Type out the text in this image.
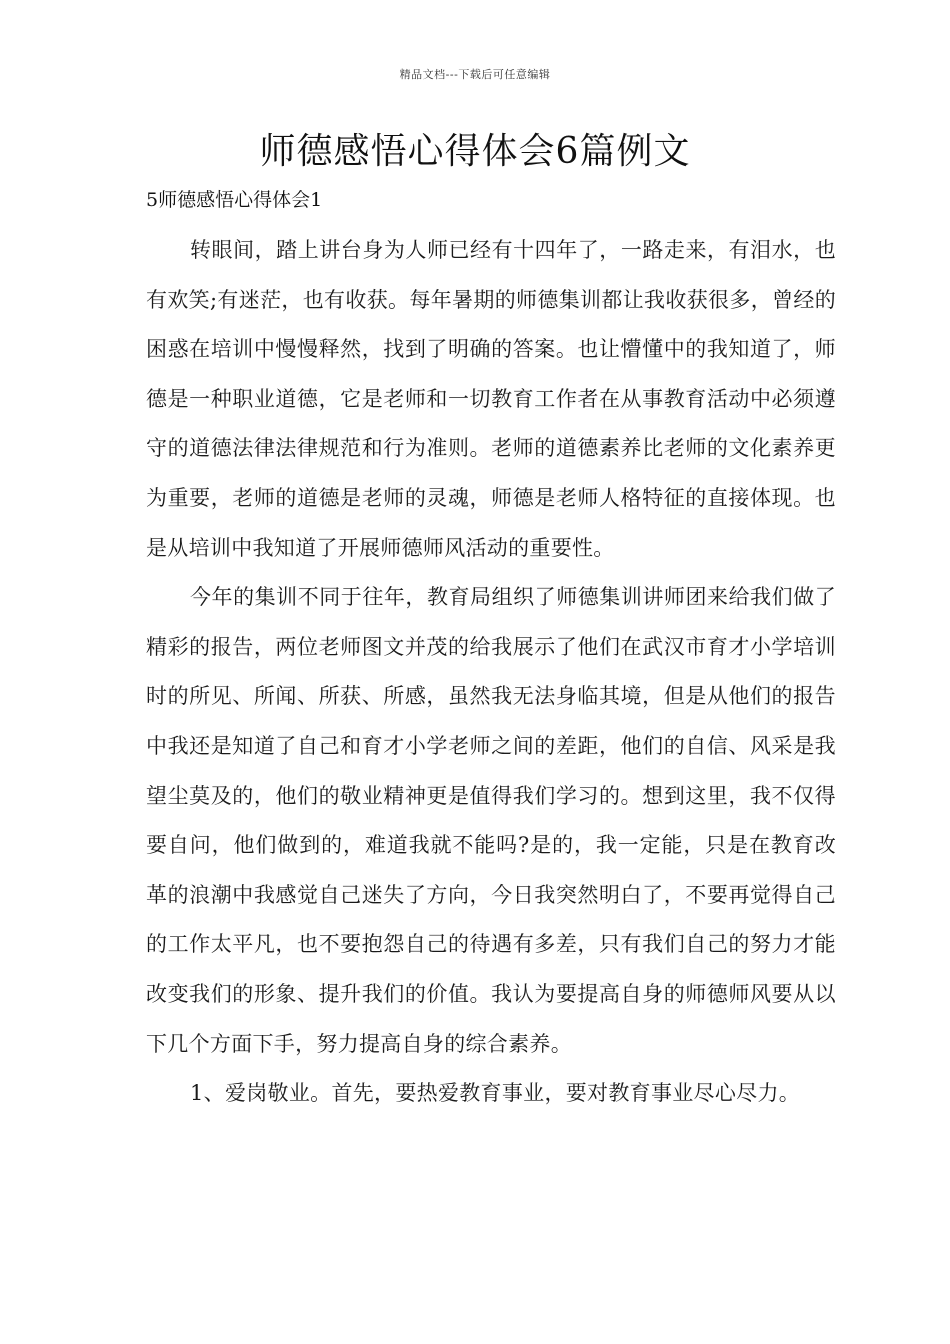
精品文档---下载后可任意编辑
师德感悟心得体会6篇例文
5师德感悟心得体会1

转眼间，踏上讲台身为人师已经有十四年了，一路走来，有泪水，也有欢笑;有迷茫，也有收获。每年暑期的师德集训都让我收获很多，曾经的困惑在培训中慢慢释然，找到了明确的答案。也让懵懂中的我知道了，师德是一种职业道德，它是老师和一切教育工作者在从事教育活动中必须遵守的道德法律法律规范和行为准则。老师的道德素养比老师的文化素养更为重要，老师的道德是老师的灵魂，师德是老师人格特征的直接体现。也是从培训中我知道了开展师德师风活动的重要性。

今年的集训不同于往年，教育局组织了师德集训讲师团来给我们做了精彩的报告，两位老师图文并茂的给我展示了他们在武汉市育才小学培训时的所见、所闻、所获、所感，虽然我无法身临其境，但是从他们的报告中我还是知道了自己和育才小学老师之间的差距，他们的自信、风采是我望尘莫及的，他们的敬业精神更是值得我们学习的。想到这里，我不仅得要自问，他们做到的，难道我就不能吗?是的，我一定能，只是在教育改革的浪潮中我感觉自己迷失了方向，今日我突然明白了，不要再觉得自己的工作太平凡，也不要抱怨自己的待遇有多差，只有我们自己的努力才能改变我们的形象、提升我们的价值。我认为要提高自身的师德师风要从以下几个方面下手，努力提高自身的综合素养。

1、爱岗敬业。首先，要热爱教育事业，要对教育事业尽心尽力。
